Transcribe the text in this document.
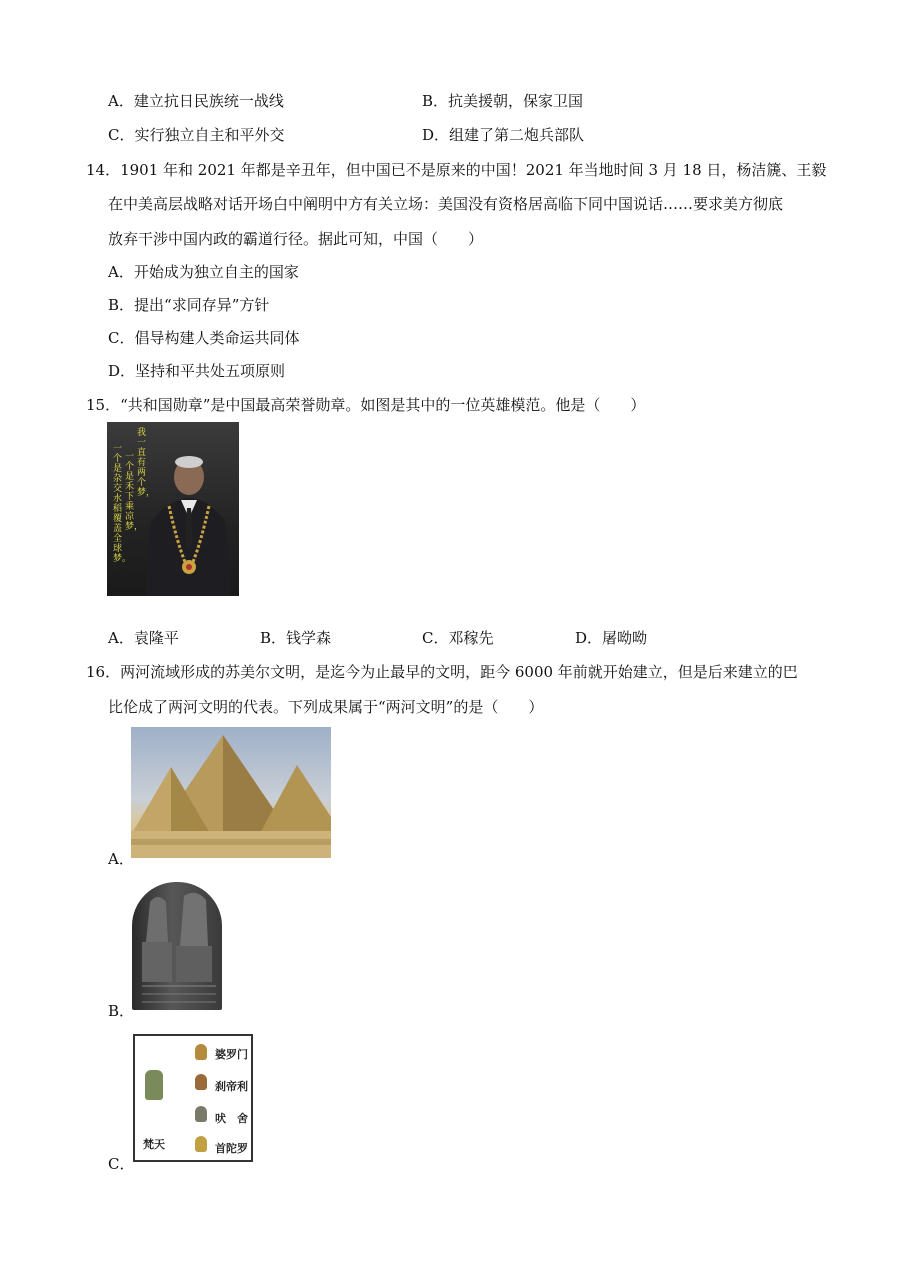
A．建立抗日民族统一战线	B．抗美援朝，保家卫国
C．实行独立自主和平外交	D．组建了第二炮兵部队
14．1901 年和 2021 年都是辛丑年，但中国已不是原来的中国！2021 年当地时间 3 月 18 日，杨洁篪、王毅
在中美高层战略对话开场白中阐明中方有关立场：美国没有资格居高临下同中国说话……要求美方彻底
放弃干涉中国内政的霸道行径。据此可知，中国（　　）
A．开始成为独立自主的国家
B．提出“求同存异”方针
C．倡导构建人类命运共同体
D．坚持和平共处五项原则
15．“共和国勋章”是中国最高荣誉勋章。如图是其中的一位英雄模范。他是（　　）
我一直有两个梦，
一个是禾下乘凉梦，
一个是杂交水稻覆盖全球梦。
A．袁隆平	B．钱学森	C．邓稼先	D．屠呦呦
16．两河流域形成的苏美尔文明，是迄今为止最早的文明，距今 6000 年前就开始建立，但是后来建立的巴
比伦成了两河文明的代表。下列成果属于“两河文明”的是（　　）
A．
B．
梵天
婆罗门
刹帝利
吠　舍
首陀罗
C．
